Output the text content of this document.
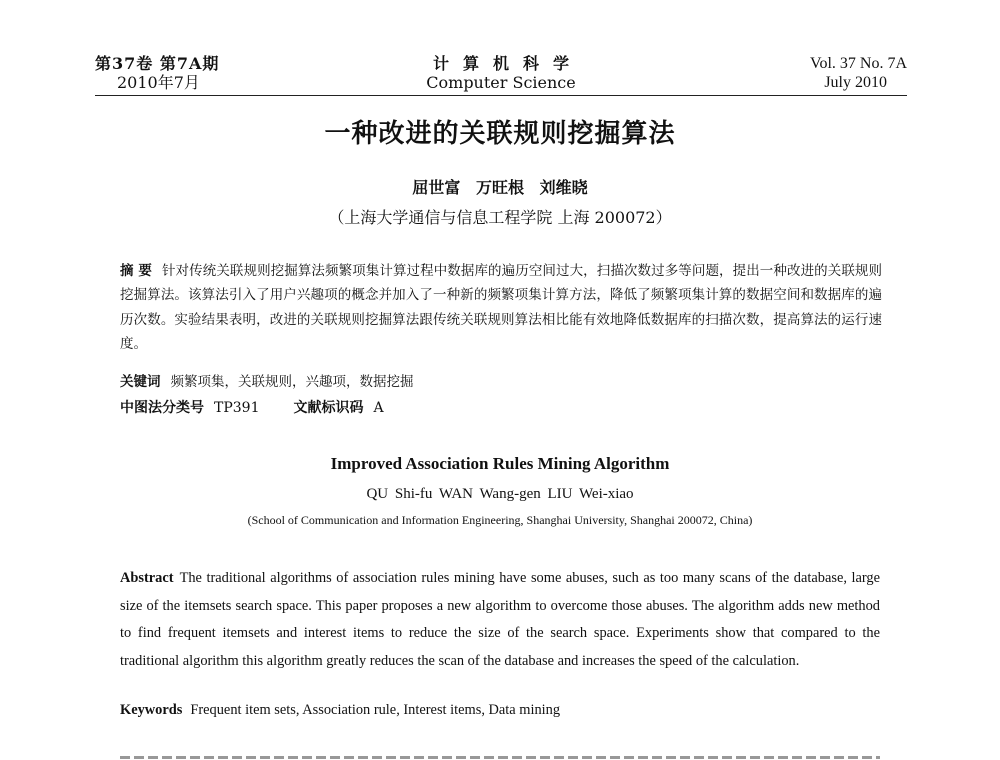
第37卷 第7A期
2010年7月
计算机科学
Computer Science
Vol. 37 No. 7A
July 2010
一种改进的关联规则挖掘算法
屈世富 万旺根 刘维晓
（上海大学通信与信息工程学院 上海 200072）
摘 要 针对传统关联规则挖掘算法频繁项集计算过程中数据库的遍历空间过大，扫描次数过多等问题，提出一种改进的关联规则挖掘算法。该算法引入了用户兴趣项的概念并加入了一种新的频繁项集计算方法，降低了频繁项集计算的数据空间和数据库的遍历次数。实验结果表明，改进的关联规则挖掘算法跟传统关联规则算法相比能有效地降低数据库的扫描次数，提高算法的运行速度。
关键词 频繁项集，关联规则，兴趣项，数据挖掘
中图法分类号 TP391 文献标识码 A
Improved Association Rules Mining Algorithm
QU Shi-fu WAN Wang-gen LIU Wei-xiao
(School of Communication and Information Engineering, Shanghai University, Shanghai 200072, China)
Abstract The traditional algorithms of association rules mining have some abuses, such as too many scans of the database, large size of the itemsets search space. This paper proposes a new algorithm to overcome those abuses. The algorithm adds new method to find frequent itemsets and interest items to reduce the size of the search space. Experiments show that compared to the traditional algorithm this algorithm greatly reduces the scan of the database and increases the speed of the calculation.
Keywords Frequent item sets, Association rule, Interest items, Data mining
